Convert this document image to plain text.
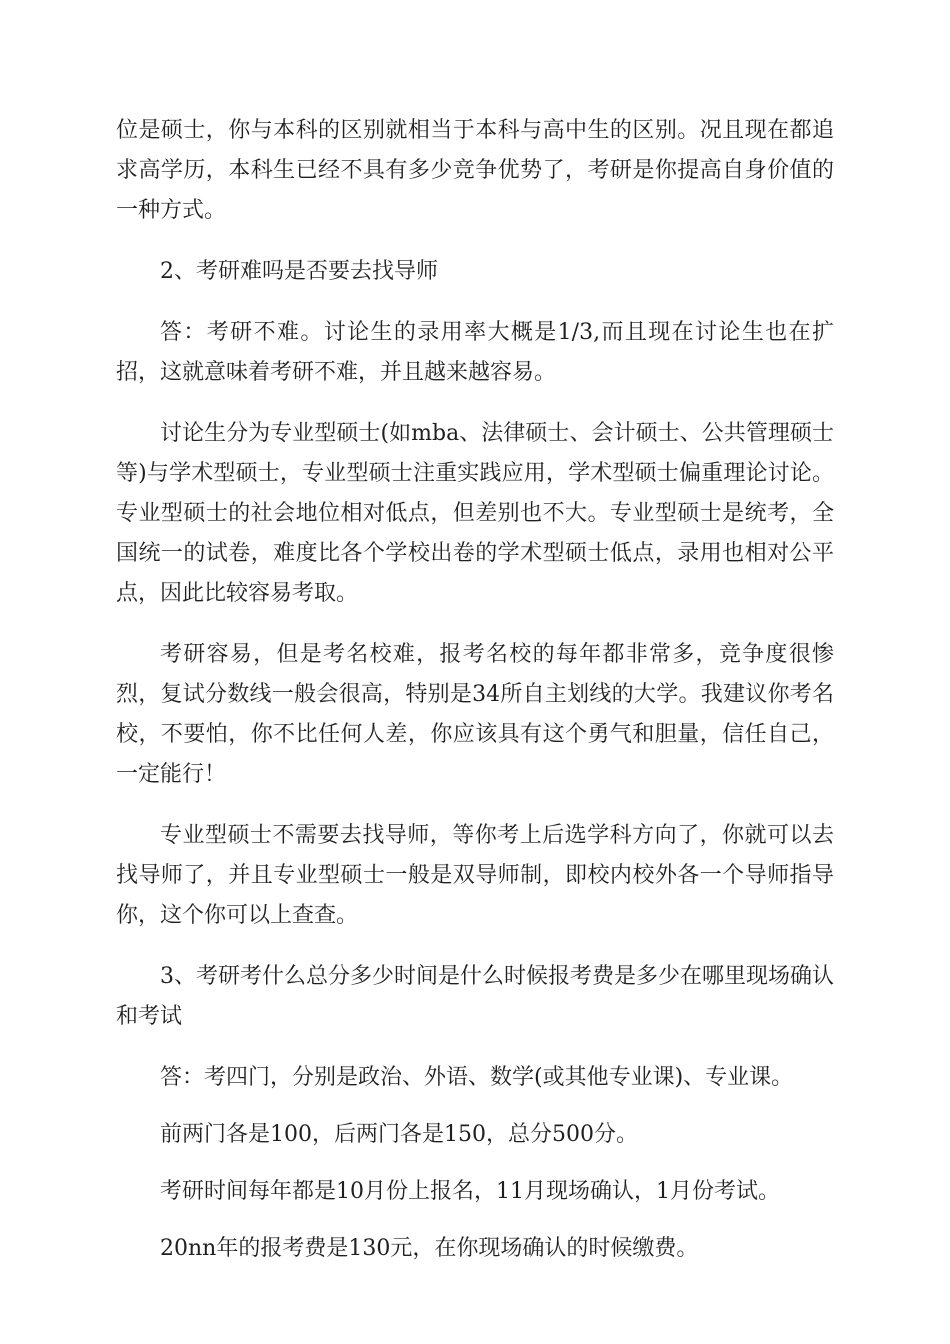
位是硕士，你与本科的区别就相当于本科与高中生的区别。况且现在都追求高学历，本科生已经不具有多少竞争优势了，考研是你提高自身价值的一种方式。

2、考研难吗是否要去找导师

答：考研不难。讨论生的录用率大概是1/3,而且现在讨论生也在扩招，这就意味着考研不难，并且越来越容易。

讨论生分为专业型硕士(如mba、法律硕士、会计硕士、公共管理硕士等)与学术型硕士，专业型硕士注重实践应用，学术型硕士偏重理论讨论。专业型硕士的社会地位相对低点，但差别也不大。专业型硕士是统考，全国统一的试卷，难度比各个学校出卷的学术型硕士低点，录用也相对公平点，因此比较容易考取。

考研容易，但是考名校难，报考名校的每年都非常多，竞争度很惨烈，复试分数线一般会很高，特别是34所自主划线的大学。我建议你考名校，不要怕，你不比任何人差，你应该具有这个勇气和胆量，信任自己，一定能行！

专业型硕士不需要去找导师，等你考上后选学科方向了，你就可以去找导师了，并且专业型硕士一般是双导师制，即校内校外各一个导师指导你，这个你可以上查查。

3、考研考什么总分多少时间是什么时候报考费是多少在哪里现场确认和考试

答：考四门，分别是政治、外语、数学(或其他专业课)、专业课。

前两门各是100，后两门各是150，总分500分。

考研时间每年都是10月份上报名，11月现场确认，1月份考试。

20nn年的报考费是130元，在你现场确认的时候缴费。
